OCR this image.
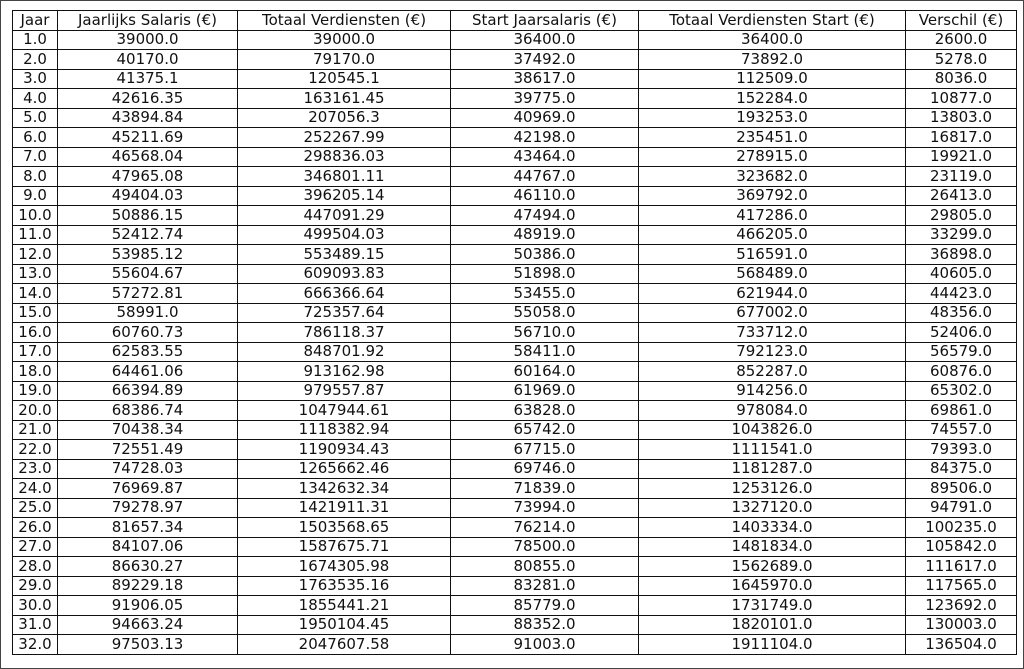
Jaar	Jaarlijks Salaris (€)	Totaal Verdiensten (€)	Start Jaarsalaris (€)	Totaal Verdiensten Start (€)	Verschil (€)
1.0	39000.0	39000.0	36400.0	36400.0	2600.0
2.0	40170.0	79170.0	37492.0	73892.0	5278.0
3.0	41375.1	120545.1	38617.0	112509.0	8036.0
4.0	42616.35	163161.45	39775.0	152284.0	10877.0
5.0	43894.84	207056.3	40969.0	193253.0	13803.0
6.0	45211.69	252267.99	42198.0	235451.0	16817.0
7.0	46568.04	298836.03	43464.0	278915.0	19921.0
8.0	47965.08	346801.11	44767.0	323682.0	23119.0
9.0	49404.03	396205.14	46110.0	369792.0	26413.0
10.0	50886.15	447091.29	47494.0	417286.0	29805.0
11.0	52412.74	499504.03	48919.0	466205.0	33299.0
12.0	53985.12	553489.15	50386.0	516591.0	36898.0
13.0	55604.67	609093.83	51898.0	568489.0	40605.0
14.0	57272.81	666366.64	53455.0	621944.0	44423.0
15.0	58991.0	725357.64	55058.0	677002.0	48356.0
16.0	60760.73	786118.37	56710.0	733712.0	52406.0
17.0	62583.55	848701.92	58411.0	792123.0	56579.0
18.0	64461.06	913162.98	60164.0	852287.0	60876.0
19.0	66394.89	979557.87	61969.0	914256.0	65302.0
20.0	68386.74	1047944.61	63828.0	978084.0	69861.0
21.0	70438.34	1118382.94	65742.0	1043826.0	74557.0
22.0	72551.49	1190934.43	67715.0	1111541.0	79393.0
23.0	74728.03	1265662.46	69746.0	1181287.0	84375.0
24.0	76969.87	1342632.34	71839.0	1253126.0	89506.0
25.0	79278.97	1421911.31	73994.0	1327120.0	94791.0
26.0	81657.34	1503568.65	76214.0	1403334.0	100235.0
27.0	84107.06	1587675.71	78500.0	1481834.0	105842.0
28.0	86630.27	1674305.98	80855.0	1562689.0	111617.0
29.0	89229.18	1763535.16	83281.0	1645970.0	117565.0
30.0	91906.05	1855441.21	85779.0	1731749.0	123692.0
31.0	94663.24	1950104.45	88352.0	1820101.0	130003.0
32.0	97503.13	2047607.58	91003.0	1911104.0	136504.0
